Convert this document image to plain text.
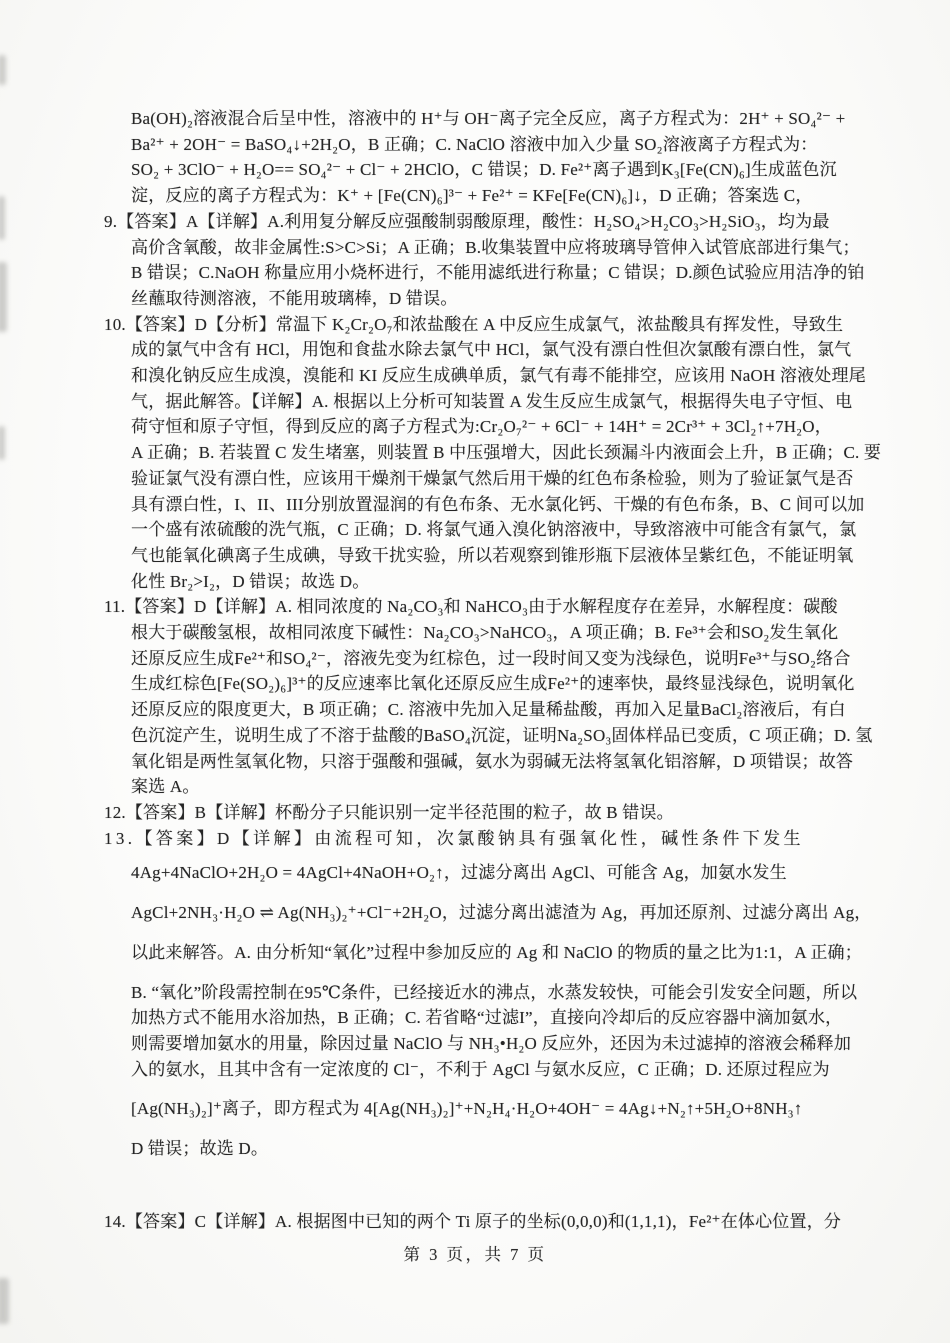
Ba(OH)₂溶液混合后呈中性，溶液中的 H⁺与 OH⁻离子完全反应，离子方程式为：2H⁺ + SO₄²⁻ +
Ba²⁺ + 2OH⁻ = BaSO₄↓+2H₂O，B 正确；C. NaClO 溶液中加入少量 SO₂溶液离子方程式为：
SO₂ + 3ClO⁻ + H₂O== SO₄²⁻ + Cl⁻ + 2HClO，C 错误；D. Fe²⁺离子遇到K₃[Fe(CN)₆]生成蓝色沉
淀，反应的离子方程式为：K⁺ + [Fe(CN)₆]³⁻ + Fe²⁺ = KFe[Fe(CN)₆]↓，D 正确；答案选 C，
9.【答案】A【详解】A.利用复分解反应强酸制弱酸原理，酸性：H₂SO₄>H₂CO₃>H₂SiO₃，均为最
高价含氧酸，故非金属性:S>C>Si；A 正确；B.收集装置中应将玻璃导管伸入试管底部进行集气；
B 错误；C.NaOH 称量应用小烧杯进行，不能用滤纸进行称量；C 错误；D.颜色试验应用洁净的铂
丝蘸取待测溶液，不能用玻璃棒，D 错误。
10.【答案】D【分析】常温下 K₂Cr₂O₇和浓盐酸在 A 中反应生成氯气，浓盐酸具有挥发性，导致生
成的氯气中含有 HCl，用饱和食盐水除去氯气中 HCl，氯气没有漂白性但次氯酸有漂白性，氯气
和溴化钠反应生成溴，溴能和 KI 反应生成碘单质，氯气有毒不能排空，应该用 NaOH 溶液处理尾
气，据此解答。【详解】A. 根据以上分析可知装置 A 发生反应生成氯气，根据得失电子守恒、电
荷守恒和原子守恒，得到反应的离子方程式为:Cr₂O₇²⁻ + 6Cl⁻ + 14H⁺ = 2Cr³⁺ + 3Cl₂↑+7H₂O，
A 正确；B. 若装置 C 发生堵塞，则装置 B 中压强增大，因此长颈漏斗内液面会上升，B 正确；C. 要
验证氯气没有漂白性，应该用干燥剂干燥氯气然后用干燥的红色布条检验，则为了验证氯气是否
具有漂白性，I、II、III分别放置湿润的有色布条、无水氯化钙、干燥的有色布条，B、C 间可以加
一个盛有浓硫酸的洗气瓶，C 正确；D. 将氯气通入溴化钠溶液中，导致溶液中可能含有氯气，氯
气也能氧化碘离子生成碘，导致干扰实验，所以若观察到锥形瓶下层液体呈紫红色，不能证明氧
化性 Br₂>I₂，D 错误；故选 D。
11.【答案】D【详解】A. 相同浓度的 Na₂CO₃和 NaHCO₃由于水解程度存在差异，水解程度：碳酸
根大于碳酸氢根，故相同浓度下碱性：Na₂CO₃>NaHCO₃，A 项正确；B. Fe³⁺会和SO₂发生氧化
还原反应生成Fe²⁺和SO₄²⁻，溶液先变为红棕色，过一段时间又变为浅绿色，说明Fe³⁺与SO₂络合
生成红棕色[Fe(SO₂)₆]³⁺的反应速率比氧化还原反应生成Fe²⁺的速率快，最终显浅绿色，说明氧化
还原反应的限度更大，B 项正确；C. 溶液中先加入足量稀盐酸，再加入足量BaCl₂溶液后，有白
色沉淀产生，说明生成了不溶于盐酸的BaSO₄沉淀，证明Na₂SO₃固体样品已变质，C 项正确；D. 氢
氧化铝是两性氢氧化物，只溶于强酸和强碱，氨水为弱碱无法将氢氧化铝溶解，D 项错误；故答
案选 A。
12.【答案】B【详解】杯酚分子只能识别一定半径范围的粒子，故 B 错误。
13.【答案】D【详解】由流程可知，次氯酸钠具有强氧化性，碱性条件下发生
4Ag+4NaClO+2H₂O = 4AgCl+4NaOH+O₂↑，过滤分离出 AgCl、可能含 Ag，加氨水发生
AgCl+2NH₃·H₂O ⇌ Ag(NH₃)₂⁺+Cl⁻+2H₂O，过滤分离出滤渣为 Ag，再加还原剂、过滤分离出 Ag，
以此来解答。A. 由分析知“氧化”过程中参加反应的 Ag 和 NaClO 的物质的量之比为1:1，A 正确；
B. “氧化”阶段需控制在95℃条件，已经接近水的沸点，水蒸发较快，可能会引发安全问题，所以
加热方式不能用水浴加热，B 正确；C. 若省略“过滤I”，直接向冷却后的反应容器中滴加氨水，
则需要增加氨水的用量，除因过量 NaClO 与 NH₃•H₂O 反应外，还因为未过滤掉的溶液会稀释加
入的氨水，且其中含有一定浓度的 Cl⁻，不利于 AgCl 与氨水反应，C 正确；D. 还原过程应为
[Ag(NH₃)₂]⁺离子，即方程式为 4[Ag(NH₃)₂]⁺+N₂H₄·H₂O+4OH⁻ = 4Ag↓+N₂↑+5H₂O+8NH₃↑
D 错误；故选 D。
14.【答案】C【详解】A. 根据图中已知的两个 Ti 原子的坐标(0,0,0)和(1,1,1)，Fe²⁺在体心位置，分
第 3 页，共 7 页
